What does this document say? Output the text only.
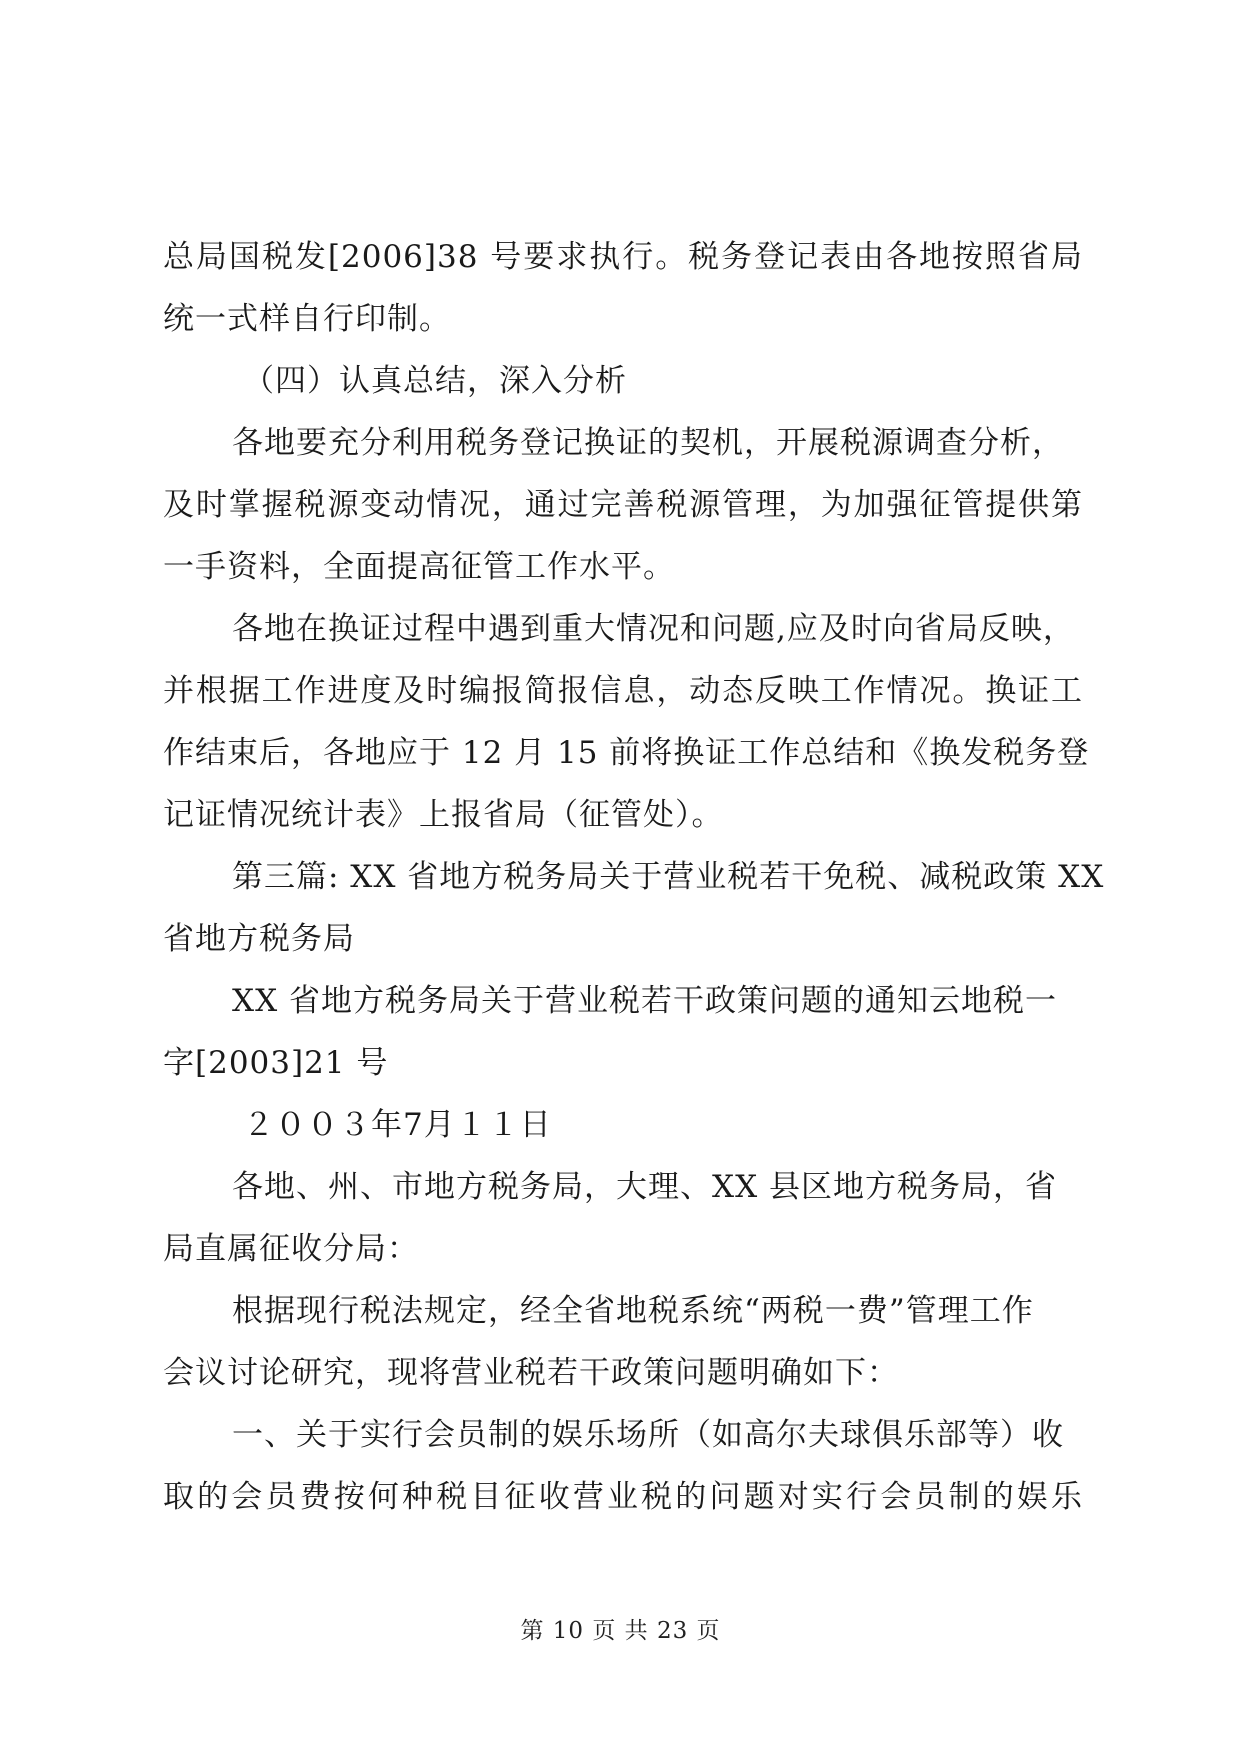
总局国税发[2006]38 号要求执行。税务登记表由各地按照省局
统一式样自行印制。
（四）认真总结，深入分析
各地要充分利用税务登记换证的契机，开展税源调查分析，
及时掌握税源变动情况，通过完善税源管理，为加强征管提供第
一手资料，全面提高征管工作水平。
各地在换证过程中遇到重大情况和问题,应及时向省局反映，
并根据工作进度及时编报简报信息，动态反映工作情况。换证工
作结束后，各地应于 12 月 15 前将换证工作总结和《换发税务登
记证情况统计表》上报省局（征管处）。
第三篇: XX 省地方税务局关于营业税若干免税、减税政策 XX
省地方税务局
XX 省地方税务局关于营业税若干政策问题的通知云地税一
字[2003]21 号
２００３年7月１１日
各地、州、市地方税务局，大理、XX 县区地方税务局，省
局直属征收分局：
根据现行税法规定，经全省地税系统“两税一费”管理工作
会议讨论研究，现将营业税若干政策问题明确如下：
一、关于实行会员制的娱乐场所（如高尔夫球俱乐部等）收
取的会员费按何种税目征收营业税的问题对实行会员制的娱乐
第 10 页 共 23 页
